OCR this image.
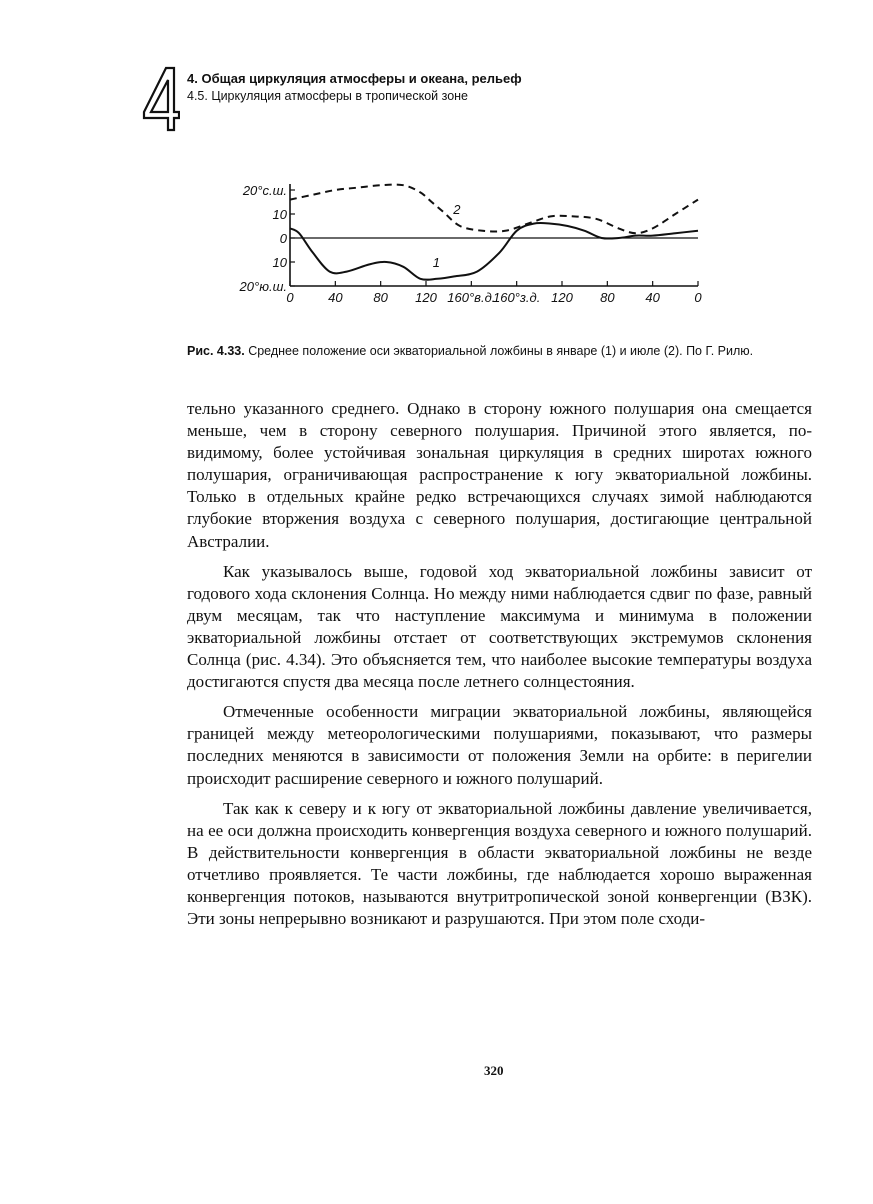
4. Общая циркуляция атмосферы и океана, рельеф
4.5. Циркуляция атмосферы в тропической зоне
20°с.ш.
10
0
10
20°ю.ш.
0	40 80 120 160°в.д.
160°з.д. 120 80 40	0
1
2
Рис. 4.33. Среднее положение оси экваториальной ложбины в январе (1) и июле (2). По Г. Рилю.

тельно указанного среднего. Однако в сторону южного полушария она смещается меньше, чем в сторону северного полушария. Причиной этого является, по-видимому, более устойчивая зональная циркуляция в средних широтах южного полушария, ограничивающая распространение к югу экваториальной ложбины. Только в отдельных крайне редко встречающихся случаях зимой наблюдаются глубокие вторжения воздуха с северного полушария, достигающие центральной Австралии.

Как указывалось выше, годовой ход экваториальной ложбины зависит от годового хода склонения Солнца. Но между ними наблюдается сдвиг по фазе, равный двум месяцам, так что наступление максимума и минимума в положении экваториальной ложбины отстает от соответствующих экстремумов склонения Солнца (рис. 4.34). Это объясняется тем, что наиболее высокие температуры воздуха достигаются спустя два месяца после летнего солнцестояния.

Отмеченные особенности миграции экваториальной ложбины, являющейся границей между метеорологическими полушариями, показывают, что размеры последних меняются в зависимости от положения Земли на орбите: в перигелии происходит расширение северного и южного полушарий.

Так как к северу и к югу от экваториальной ложбины давление увеличивается, на ее оси должна происходить конвергенция воздуха северного и южного полушарий. В действительности конвергенция в области экваториальной ложбины не везде отчетливо проявляется. Те части ложбины, где наблюдается хорошо выраженная конвергенция потоков, называются внутритропической зоной конвергенции (ВЗК). Эти зоны непрерывно возникают и разрушаются. При этом поле сходи-

320
